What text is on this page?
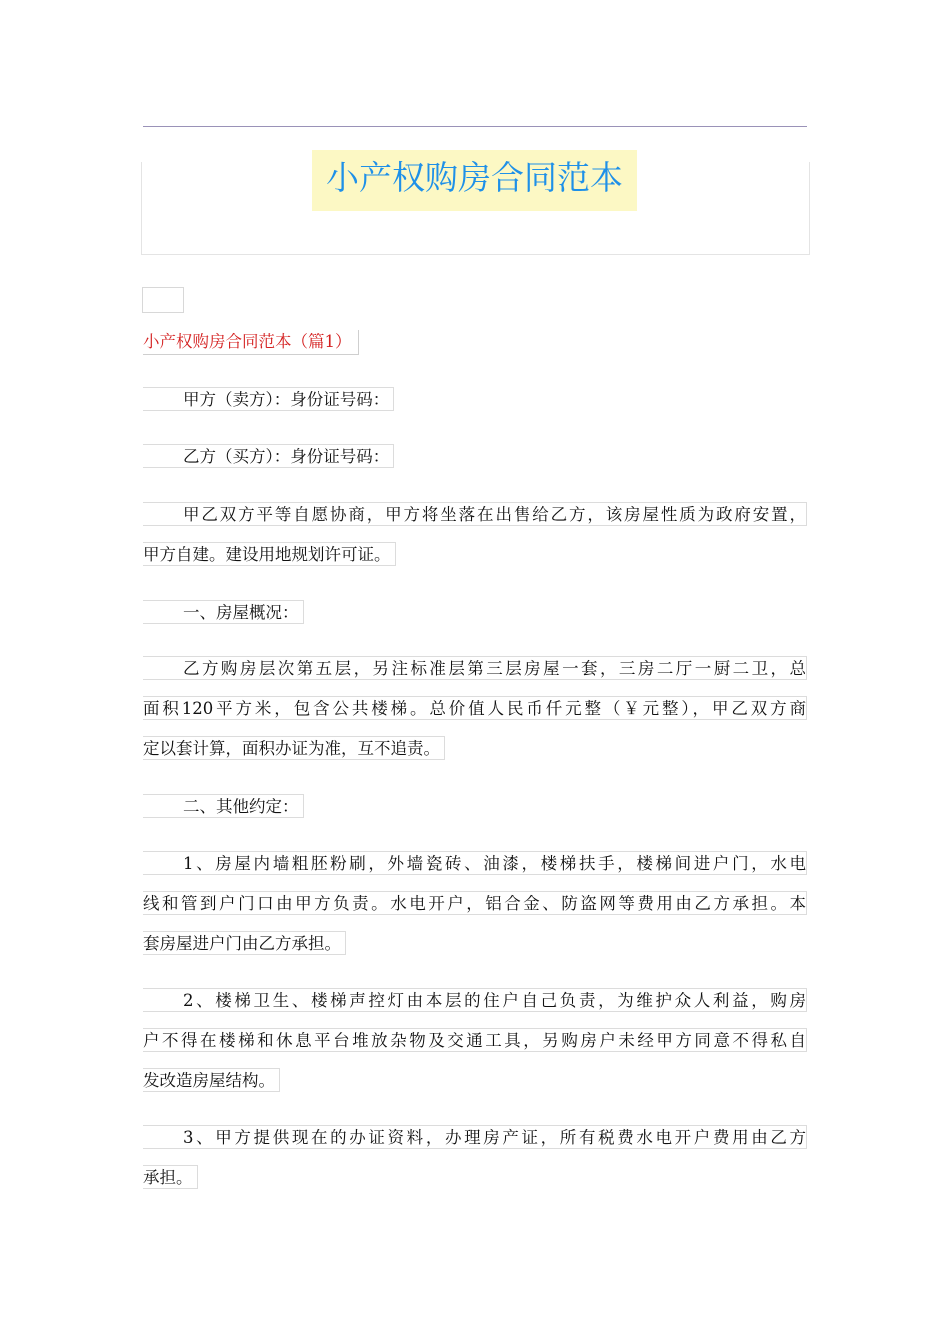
小产权购房合同范本
小产权购房合同范本（篇1）
甲方（卖方）：身份证号码：
乙方（买方）：身份证号码：
甲乙双方平等自愿协商，甲方将坐落在出售给乙方，该房屋性质为政府安置，
甲方自建。建设用地规划许可证。
一、房屋概况：
乙方购房层次第五层，另注标准层第三层房屋一套，三房二厅一厨二卫，总
面积120平方米，包含公共楼梯。总价值人民币仟元整（￥元整），甲乙双方商
定以套计算，面积办证为准，互不追责。
二、其他约定：
1、房屋内墙粗胚粉刷，外墙瓷砖、油漆，楼梯扶手，楼梯间进户门，水电
线和管到户门口由甲方负责。水电开户，铝合金、防盗网等费用由乙方承担。本
套房屋进户门由乙方承担。
2、楼梯卫生、楼梯声控灯由本层的住户自己负责，为维护众人利益，购房
户不得在楼梯和休息平台堆放杂物及交通工具，另购房户未经甲方同意不得私自
发改造房屋结构。
3、甲方提供现在的办证资料，办理房产证，所有税费水电开户费用由乙方
承担。
